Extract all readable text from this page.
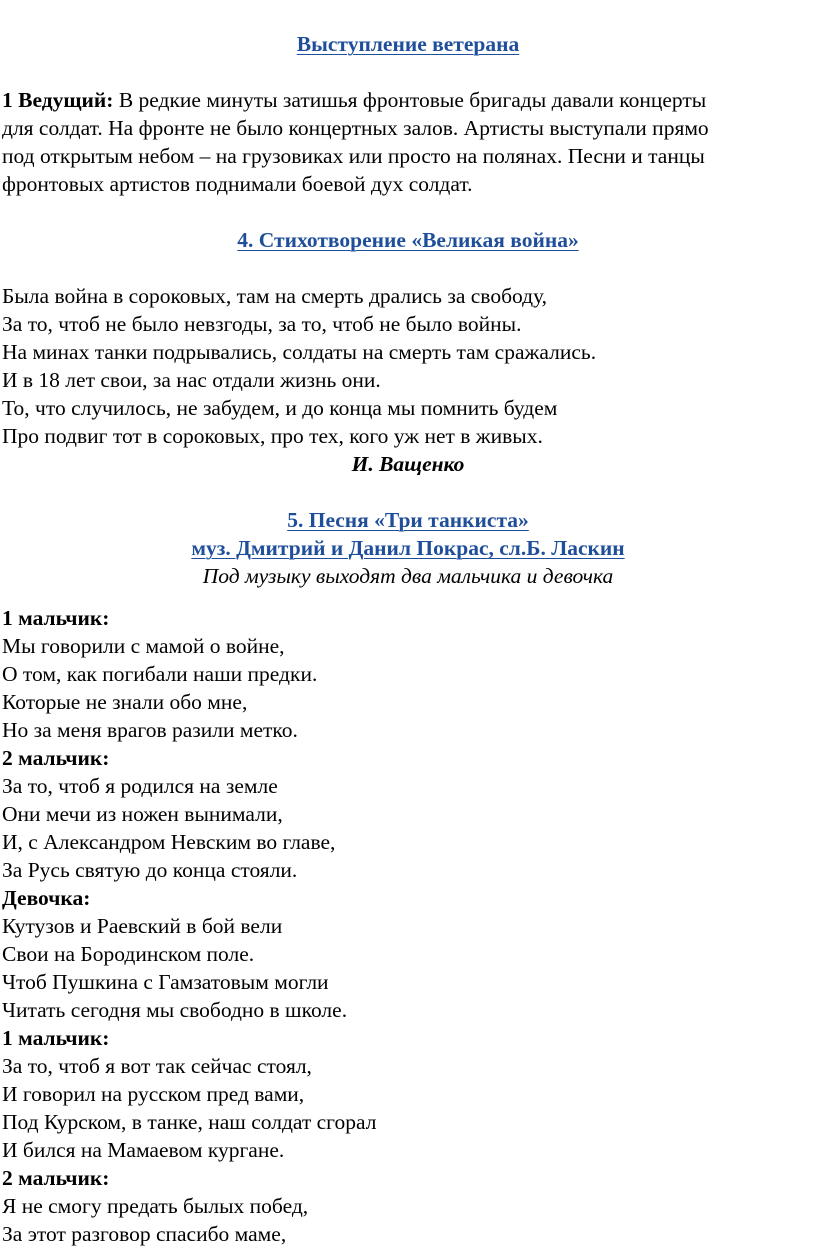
Выступление ветерана
1 Ведущий: В редкие минуты затишья фронтовые бригады давали концерты
для солдат. На фронте не было концертных залов. Артисты выступали прямо
под открытым небом – на грузовиках или просто на полянах. Песни и танцы
фронтовых артистов поднимали боевой дух солдат.
4. Стихотворение «Великая война»
Была война в сороковых, там на смерть дрались за свободу,
За то, чтоб не было невзгоды, за то, чтоб не было войны.
На минах танки подрывались, солдаты на смерть там сражались.
И в 18 лет свои, за нас отдали жизнь они.
То, что случилось, не забудем, и до конца мы помнить будем
Про подвиг тот в сороковых, про тех, кого уж нет в живых.
И. Ващенко
5. Песня «Три танкиста»
муз. Дмитрий и Данил Покрас, сл.Б. Ласкин
Под музыку выходят два мальчика и девочка
1 мальчик:
Мы говорили с мамой о войне,
О том, как погибали наши предки.
Которые не знали обо мне,
Но за меня врагов разили метко.
2 мальчик:
За то, чтоб я родился на земле
Они мечи из ножен вынимали,
И, с Александром Невским во главе,
За Русь святую до конца стояли.
Девочка:
Кутузов и Раевский в бой вели
Свои на Бородинском поле.
Чтоб Пушкина с Гамзатовым могли
Читать сегодня мы свободно в школе.
1 мальчик:
За то, чтоб я вот так сейчас стоял,
И говорил на русском пред вами,
Под Курском, в танке, наш солдат сгорал
И бился на Мамаевом кургане.
2 мальчик:
Я не смогу предать былых побед,
За этот разговор спасибо маме,
